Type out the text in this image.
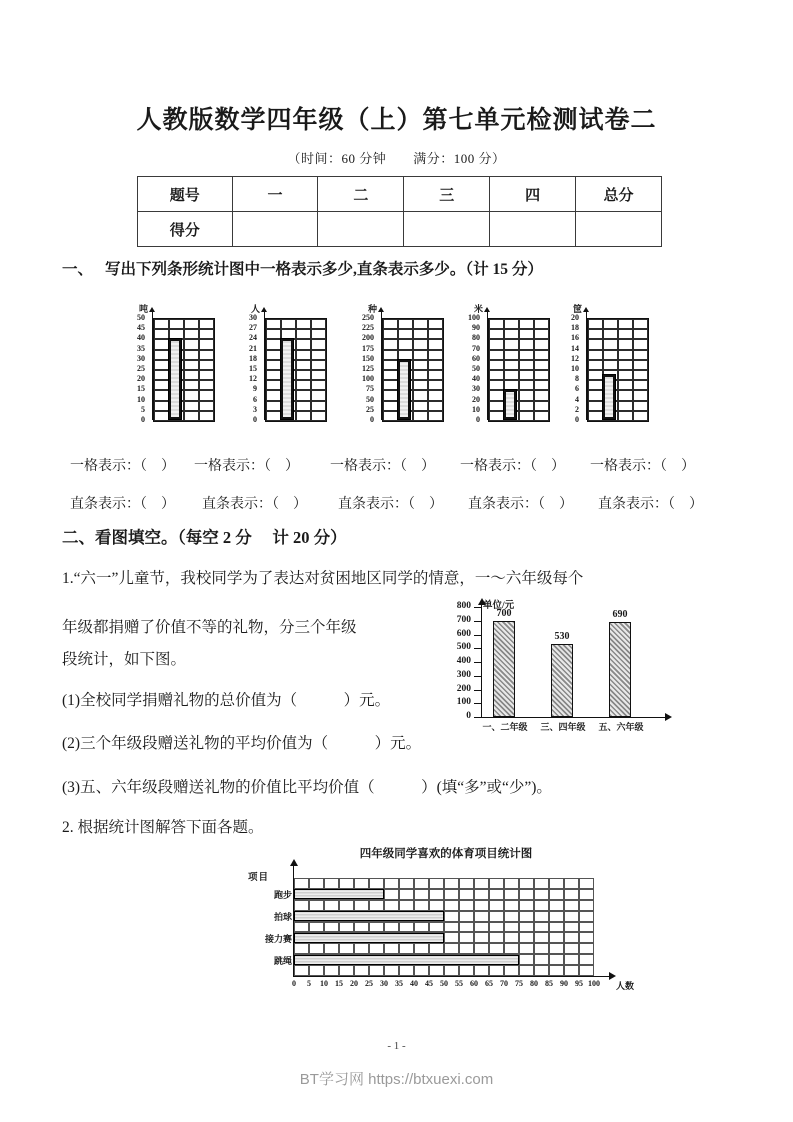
人教版数学四年级（上）第七单元检测试卷二
（时间：60 分钟　　满分：100 分）
题号	一	二	三	四	总分
得分					
一、 写出下列条形统计图中一格表示多少,直条表示多少。（计 15 分）
吨
50
45
40
35
30
25
20
15
10
5
0
人
30
27
24
21
18
15
12
9
6
3
0
种
250
225
200
175
150
125
100
75
50
25
0
米
100
90
80
70
60
50
40
30
20
10
0
筐
20
18
16
14
12
10
8
6
4
2
0
一格表示：（　） 一格表示：（　） 一格表示：（　） 一格表示：（　） 一格表示：（　）
直条表示：（　） 直条表示：（　） 直条表示：（　） 直条表示：（　） 直条表示：（　）
二、看图填空。（每空 2 分　 计 20 分）
1.“六一”儿童节，我校同学为了表达对贫困地区同学的情意，一～六年级每个
年级都捐赠了价值不等的礼物，分三个年级
段统计，如下图。
(1)全校同学捐赠礼物的总价值为（　　　）元。
(2)三个年级段赠送礼物的平均价值为（　　　）元。
(3)五、六年级段赠送礼物的价值比平均价值（　　　）(填“多”或“少”)。
2. 根据统计图解答下面各题。
单位/元
0
100
200
300
400
500
600
700
800
700
一、二年级
530
三、四年级
690
五、六年级
四年级同学喜欢的体育项目统计图
项目
0 5 10 15 20 25 30 35 40 45 50 55 60 65 70 75 80 85 90 95 100 人数
跑步
拍球
接力赛
跳绳
- 1 -
BT学习网 https://btxuexi.com
